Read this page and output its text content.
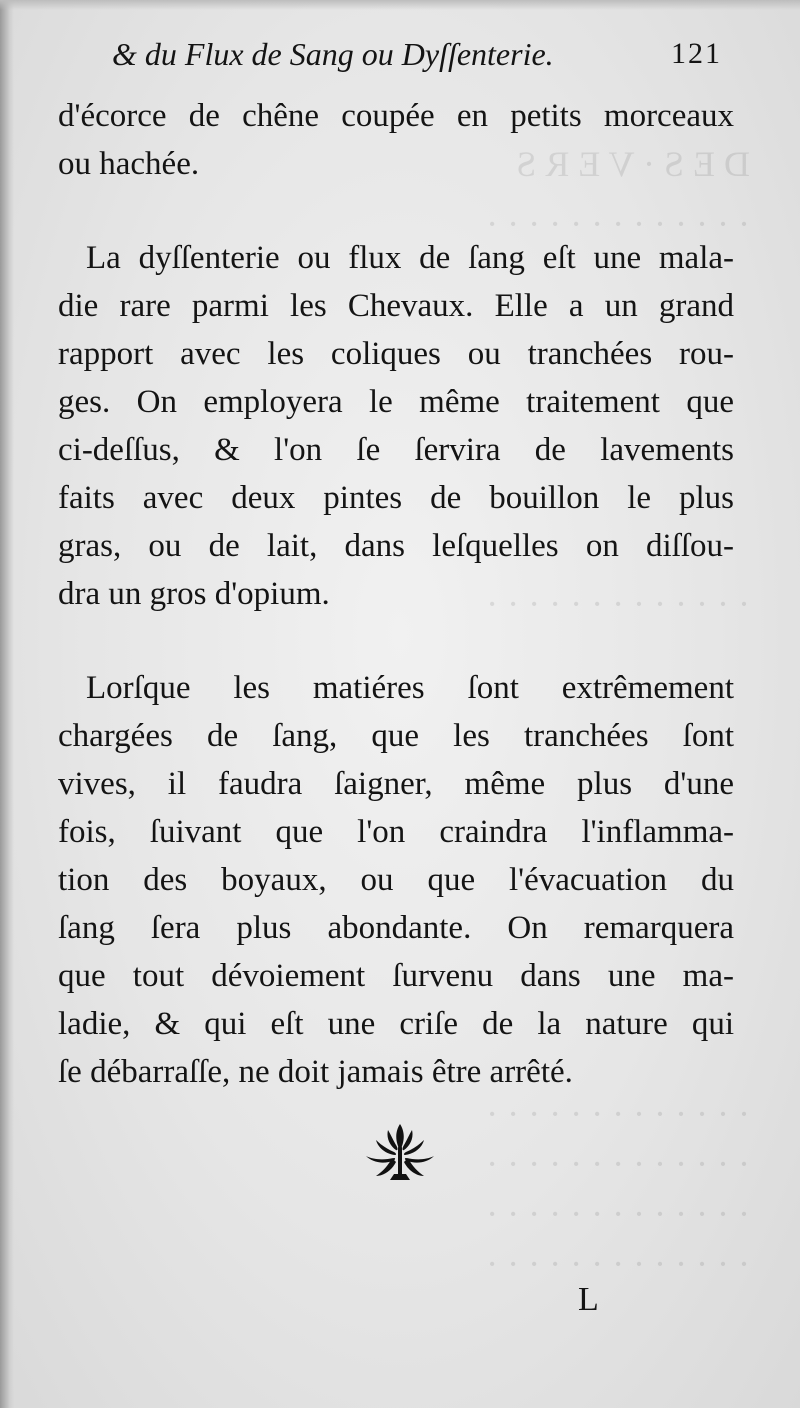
D E S · V E R S
· · · · · · · · · · · · ·
· · · · · · · · · · · · ·
· · · · · · · · · · · · ·
· · · · · · · · · · · · ·
· · · · · · · · · · · · ·
· · · · · · · · · · · · ·
& du Flux de Sang ou Dyſſenterie.	121
d'écorce de chêne coupée en petits morceaux
ou hachée.
La dyſſenterie ou flux de ſang eſt une mala-
die rare parmi les Chevaux. Elle a un grand
rapport avec les coliques ou tranchées rou-
ges. On employera le même traitement que
ci-deſſus, & l'on ſe ſervira de lavements
faits avec deux pintes de bouillon le plus
gras, ou de lait, dans leſquelles on diſſou-
dra un gros d'opium.
Lorſque les matiéres ſont extrêmement
chargées de ſang, que les tranchées ſont
vives, il faudra ſaigner, même plus d'une
fois, ſuivant que l'on craindra l'inflamma-
tion des boyaux, ou que l'évacuation du
ſang ſera plus abondante. On remarquera
que tout dévoiement ſurvenu dans une ma-
ladie, & qui eſt une criſe de la nature qui
ſe débarraſſe, ne doit jamais être arrêté.
L
